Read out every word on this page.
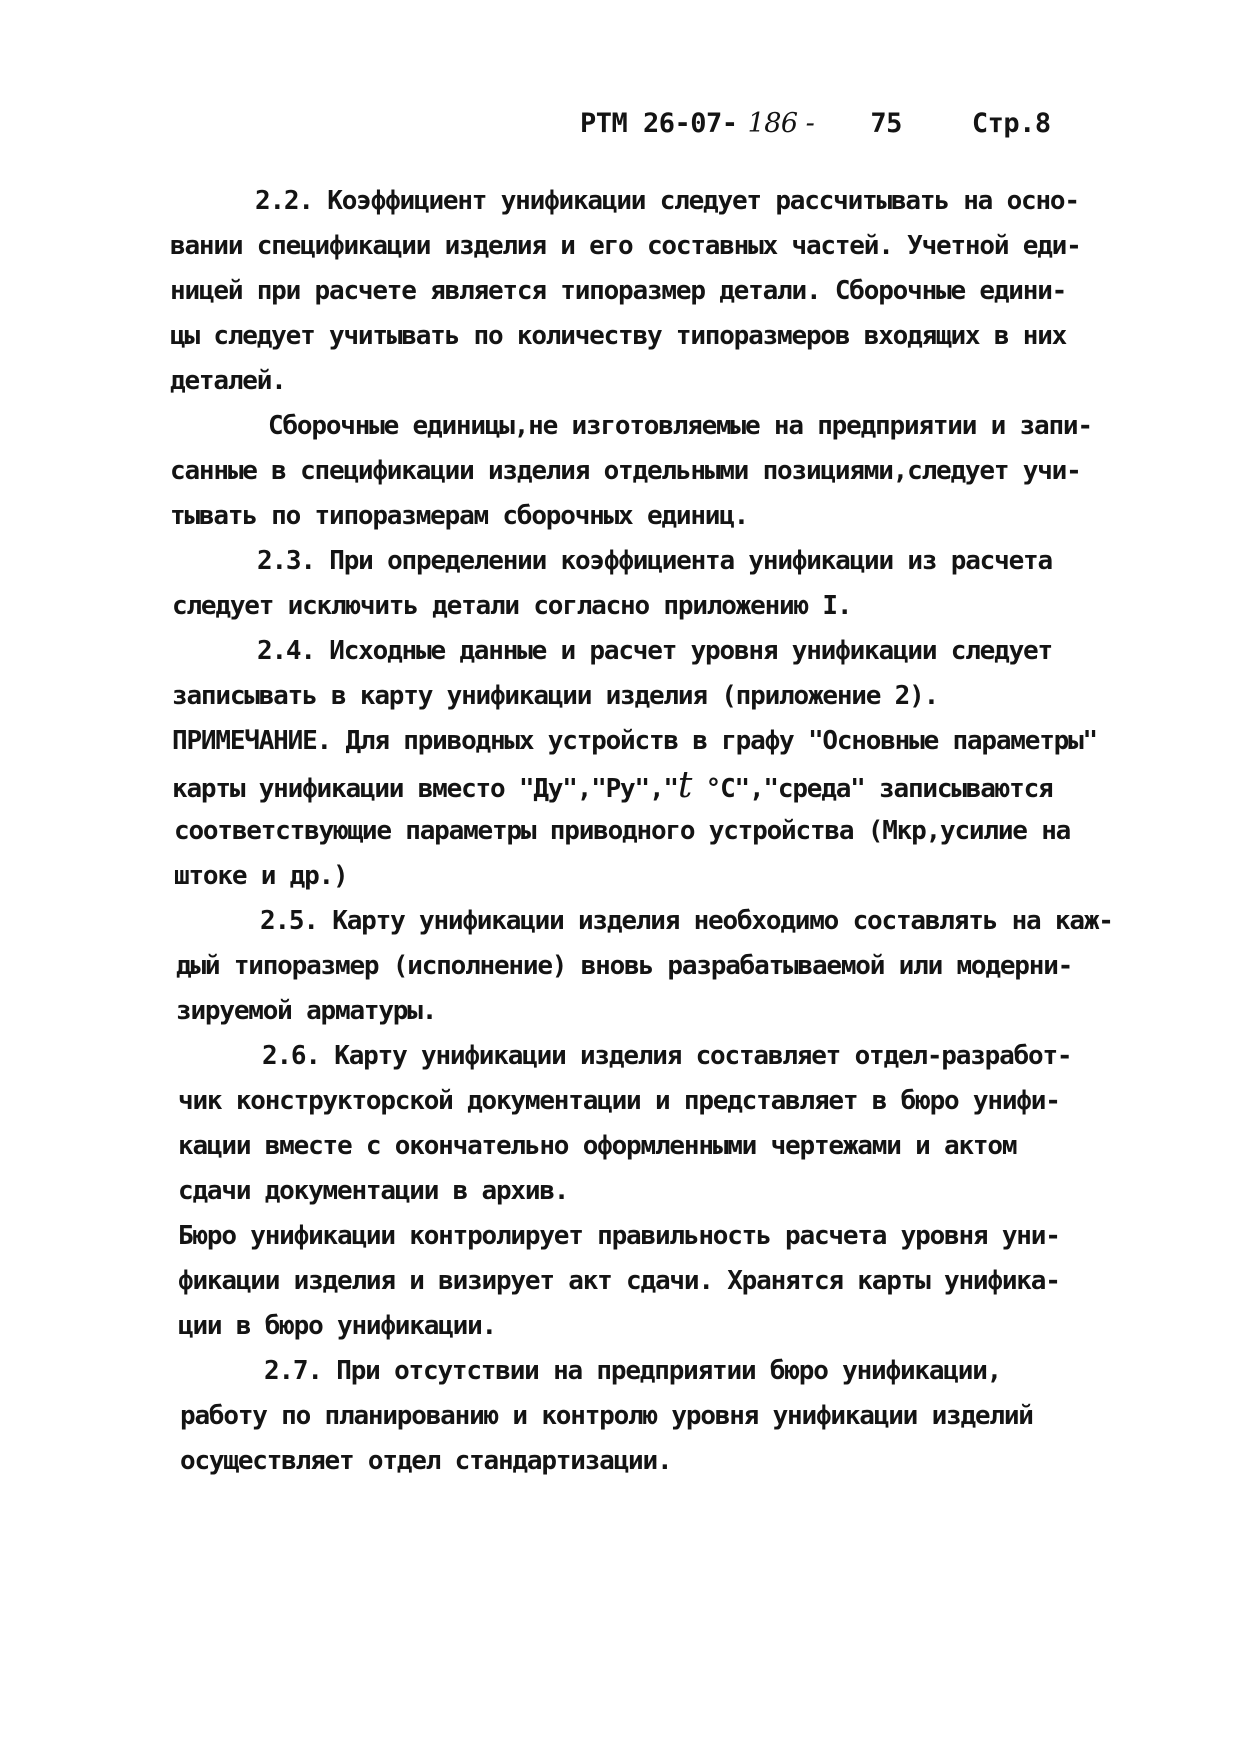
РТМ 26-07- 186 - 75	Стр.8
2.2. Коэффициент унификации следует рассчитывать на осно-
вании спецификации изделия и его составных частей. Учетной еди-
ницей при расчете является типоразмер детали. Сборочные едини-
цы следует учитывать по количеству типоразмеров входящих в них
деталей.
Сборочные единицы,не изготовляемые на предприятии и запи-
санные в спецификации изделия отдельными позициями,следует учи-
тывать по типоразмерам сборочных единиц.
2.3. При определении коэффициента унификации из расчета
следует исключить детали согласно приложению I.
2.4. Исходные данные и расчет уровня унификации следует
записывать в карту унификации изделия (приложение 2).
ПРИМЕЧАНИЕ. Для приводных устройств в графу "Основные параметры"
карты унификации вместо "Ду","Ру","t °С","среда" записываются
соответствующие параметры приводного устройства (Мкр,усилие на
штоке и др.)
2.5. Карту унификации изделия необходимо составлять на каж-
дый типоразмер (исполнение) вновь разрабатываемой или модерни-
зируемой арматуры.
2.6. Карту унификации изделия составляет отдел-разработ-
чик конструкторской документации и представляет в бюро унифи-
кации вместе с окончательно оформленными чертежами и актом
сдачи документации в архив.
Бюро унификации контролирует правильность расчета уровня уни-
фикации изделия и визирует акт сдачи. Хранятся карты унифика-
ции в бюро унификации.
2.7. При отсутствии на предприятии бюро унификации,
работу по планированию и контролю уровня унификации изделий
осуществляет отдел стандартизации.
